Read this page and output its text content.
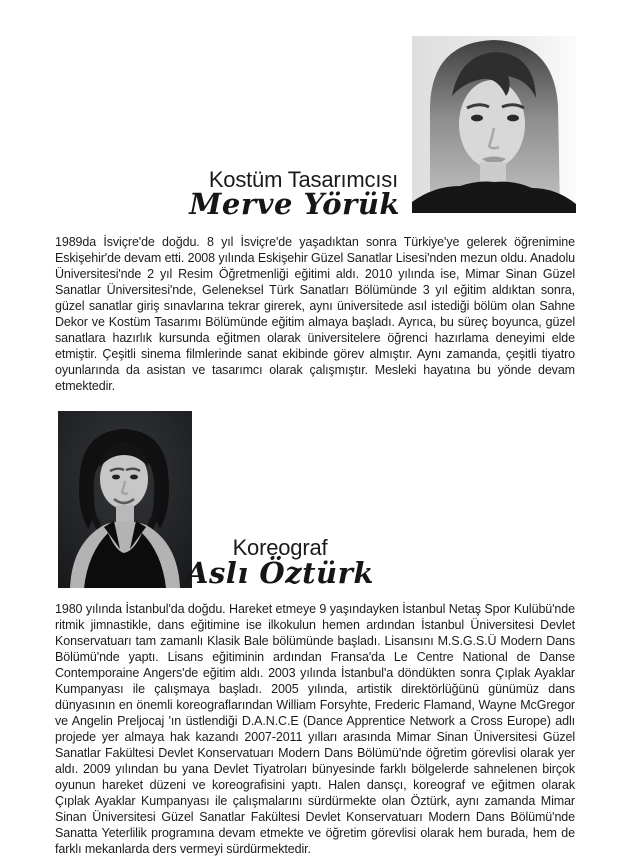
Kostüm Tasarımcısı
Merve Yörük

1989da İsviçre'de doğdu. 8 yıl İsviçre'de yaşadıktan sonra Türkiye'ye gelerek öğrenimine Eskişehir'de devam etti. 2008 yılında Eskişehir Güzel Sanatlar Lisesi'nden mezun oldu. Anadolu Üniversitesi'nde 2 yıl Resim Öğretmenliği eğitimi aldı. 2010 yılında ise, Mimar Sinan Güzel Sanatlar Üniversitesi'nde, Geleneksel Türk Sanatları Bölümünde 3 yıl eğitim aldıktan sonra, güzel sanatlar giriş sınavlarına tekrar girerek, aynı üniversitede asıl istediği bölüm olan Sahne Dekor ve Kostüm Tasarımı Bölümünde eğitim almaya başladı. Ayrıca, bu süreç boyunca, güzel sanatlara hazırlık kursunda eğitmen olarak üniversitelere öğrenci hazırlama deneyimi elde etmiştir. Çeşitli sinema filmlerinde sanat ekibinde görev almıştır. Aynı zamanda, çeşitli tiyatro oyunlarında da asistan ve tasarımcı olarak çalışmıştır. Mesleki hayatına bu yönde devam etmektedir.

Koreograf
Aslı Öztürk

1980 yılında İstanbul'da doğdu. Hareket etmeye 9 yaşındayken İstanbul Netaş Spor Kulübü'nde ritmik jimnastikle, dans eğitimine ise ilkokulun hemen ardından İstanbul Üniversitesi Devlet Konservatuarı tam zamanlı Klasik Bale bölümünde başladı. Lisansını M.S.G.S.Ü Modern Dans Bölümü'nde yaptı. Lisans eğitiminin ardından Fransa'da Le Centre National de Danse Contemporaine Angers'de eğitim aldı. 2003 yılında İstanbul'a döndükten sonra Çıplak Ayaklar Kumpanyası ile çalışmaya başladı. 2005 yılında, artistik direktörlüğünü günümüz dans dünyasının en önemli koreograflarından William Forsyhte, Frederic Flamand, Wayne McGregor ve Angelin Preljocaj 'ın üstlendiği D.A.N.C.E (Dance Apprentice Network a Cross Europe) adlı projede yer almaya hak kazandı 2007-2011 yılları arasında Mimar Sinan Üniversitesi Güzel Sanatlar Fakültesi Devlet Konservatuarı Modern Dans Bölümü'nde öğretim görevlisi olarak yer aldı. 2009 yılından bu yana Devlet Tiyatroları bünyesinde farklı bölgelerde sahnelenen birçok oyunun hareket düzeni ve koreografisini yaptı. Halen dansçı, koreograf ve eğitmen olarak Çıplak Ayaklar Kumpanyası ile çalışmalarını sürdürmekte olan Öztürk, aynı zamanda Mimar Sinan Üniversitesi Güzel Sanatlar Fakültesi Devlet Konservatuarı Modern Dans Bölümü'nde Sanatta Yeterlilik programına devam etmekte ve öğretim görevlisi olarak hem burada, hem de farklı mekanlarda ders vermeyi sürdürmektedir.
